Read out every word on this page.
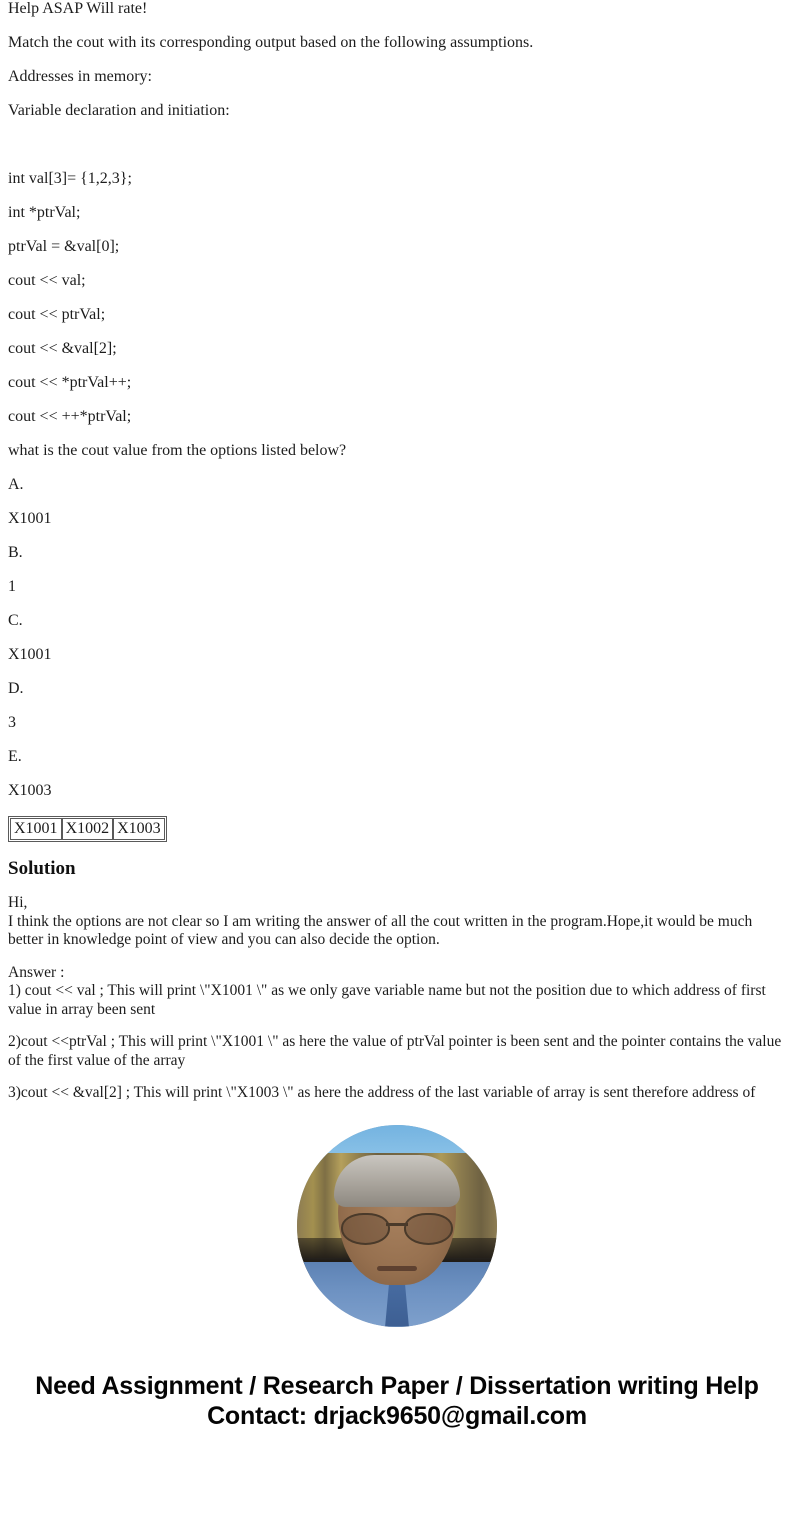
Help ASAP Will rate!

Match the cout with its corresponding output based on the following assumptions.

Addresses in memory:

Variable declaration and initiation:

int val[3]= {1,2,3};

int *ptrVal;

ptrVal = &val[0];

cout << val;

cout << ptrVal;

cout << &val[2];

cout << *ptrVal++;

cout << ++*ptrVal;

what is the cout value from the options listed below?

A.

X1001

B.

1

C.

X1001

D.

3

E.

X1003

X1001	X1002	X1003
Solution

Hi,
I think the options are not clear so I am writing the answer of all the cout written in the program.Hope,it would be much better in knowledge point of view and you can also decide the option.

Answer :
1) cout << val ; This will print \"X1001 \" as we only gave variable name but not the position due to which address of first value in array been sent

2)cout <<ptrVal ; This will print \"X1001 \" as here the value of ptrVal pointer is been sent and the pointer contains the value of the first value of the array

3)cout << &val[2] ; This will print \"X1003 \" as here the address of the last variable of array is sent therefore address of

Need Assignment / Research Paper / Dissertation writing Help
Contact: drjack9650@gmail.com
